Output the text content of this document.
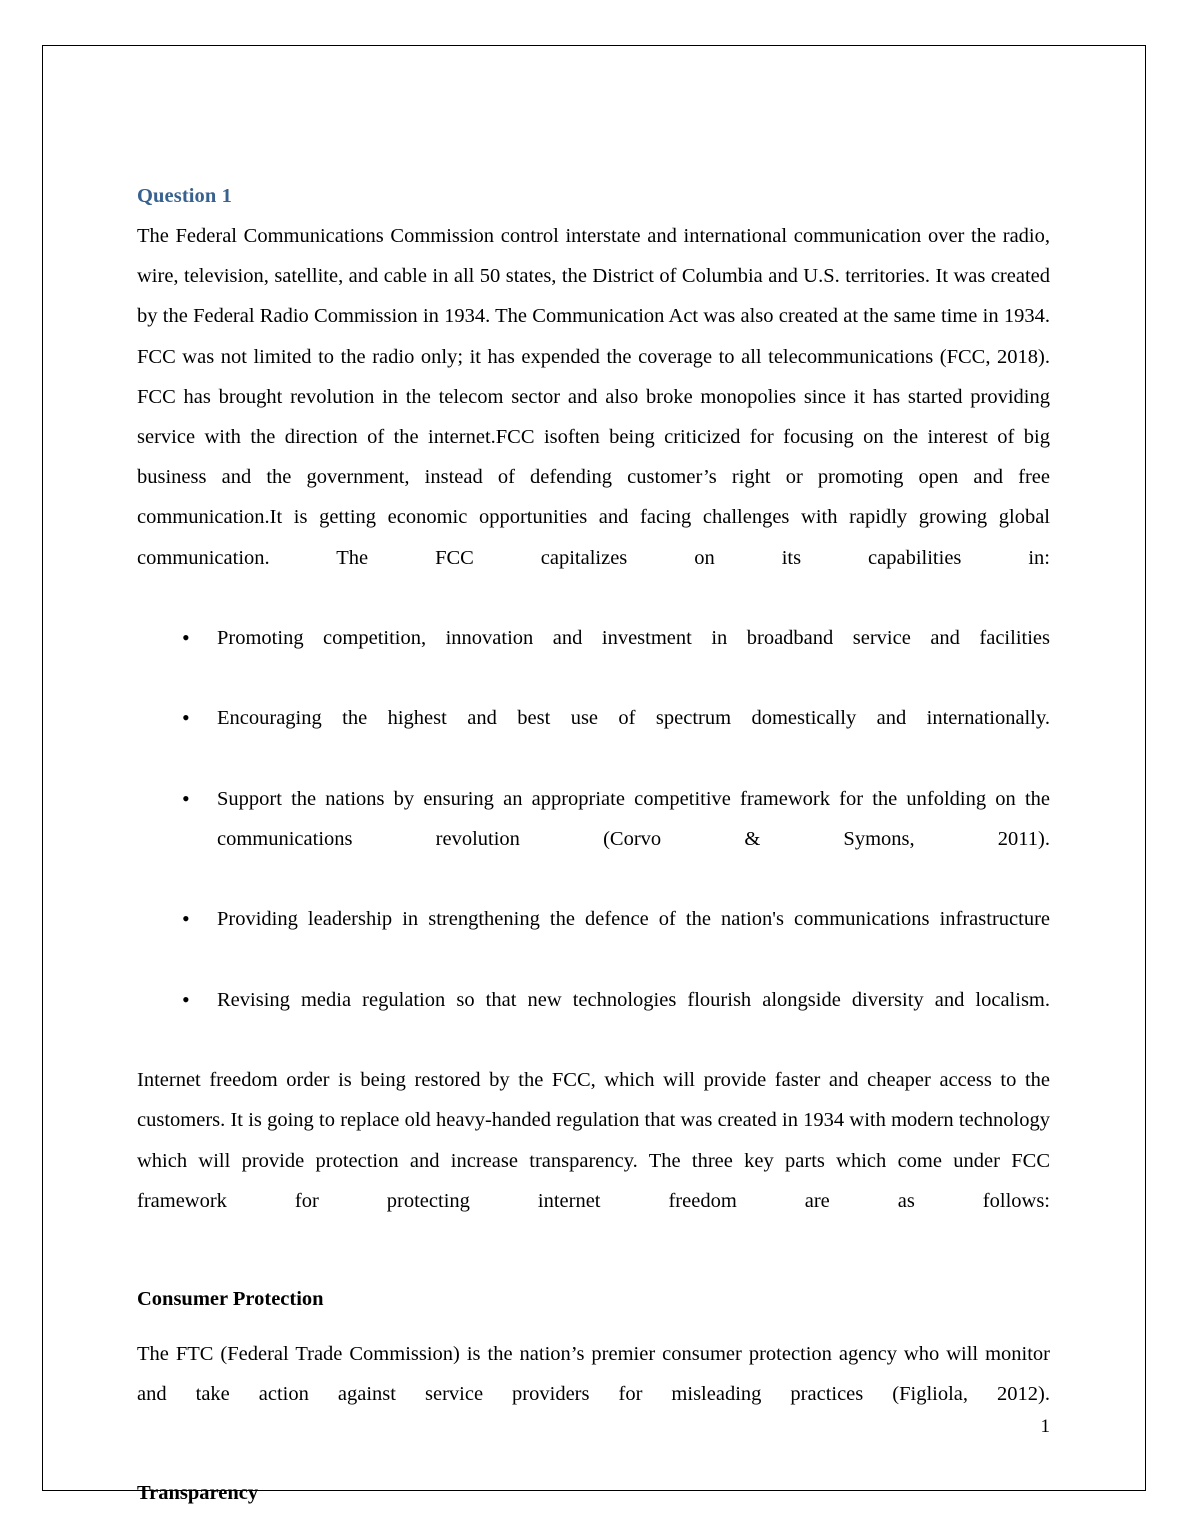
Question 1

The Federal Communications Commission control interstate and international communication over the radio, wire, television, satellite, and cable in all 50 states, the District of Columbia and U.S. territories. It was created by the Federal Radio Commission in 1934. The Communication Act was also created at the same time in 1934. FCC was not limited to the radio only; it has expended the coverage to all telecommunications (FCC, 2018). FCC has brought revolution in the telecom sector and also broke monopolies since it has started providing service with the direction of the internet.FCC isoften being criticized for focusing on the interest of big business and the government, instead of defending customer’s right or promoting open and free communication.It is getting economic opportunities and facing challenges with rapidly growing global communication. The FCC capitalizes on its capabilities in:

•	Promoting competition, innovation and investment in broadband service and facilities
•	Encouraging the highest and best use of spectrum domestically and internationally.
•	Support the nations by ensuring an appropriate competitive framework for the unfolding on the communications revolution (Corvo & Symons, 2011).
•	Providing leadership in strengthening the defence of the nation's communications infrastructure
•	Revising media regulation so that new technologies flourish alongside diversity and localism.

Internet freedom order is being restored by the FCC, which will provide faster and cheaper access to the customers. It is going to replace old heavy-handed regulation that was created in 1934 with modern technology which will provide protection and increase transparency. The three key parts which come under FCC framework for protecting internet freedom are as follows:

Consumer Protection

The FTC (Federal Trade Commission) is the nation’s premier consumer protection agency who will monitor and take action against service providers for misleading practices (Figliola, 2012).

Transparency
1
